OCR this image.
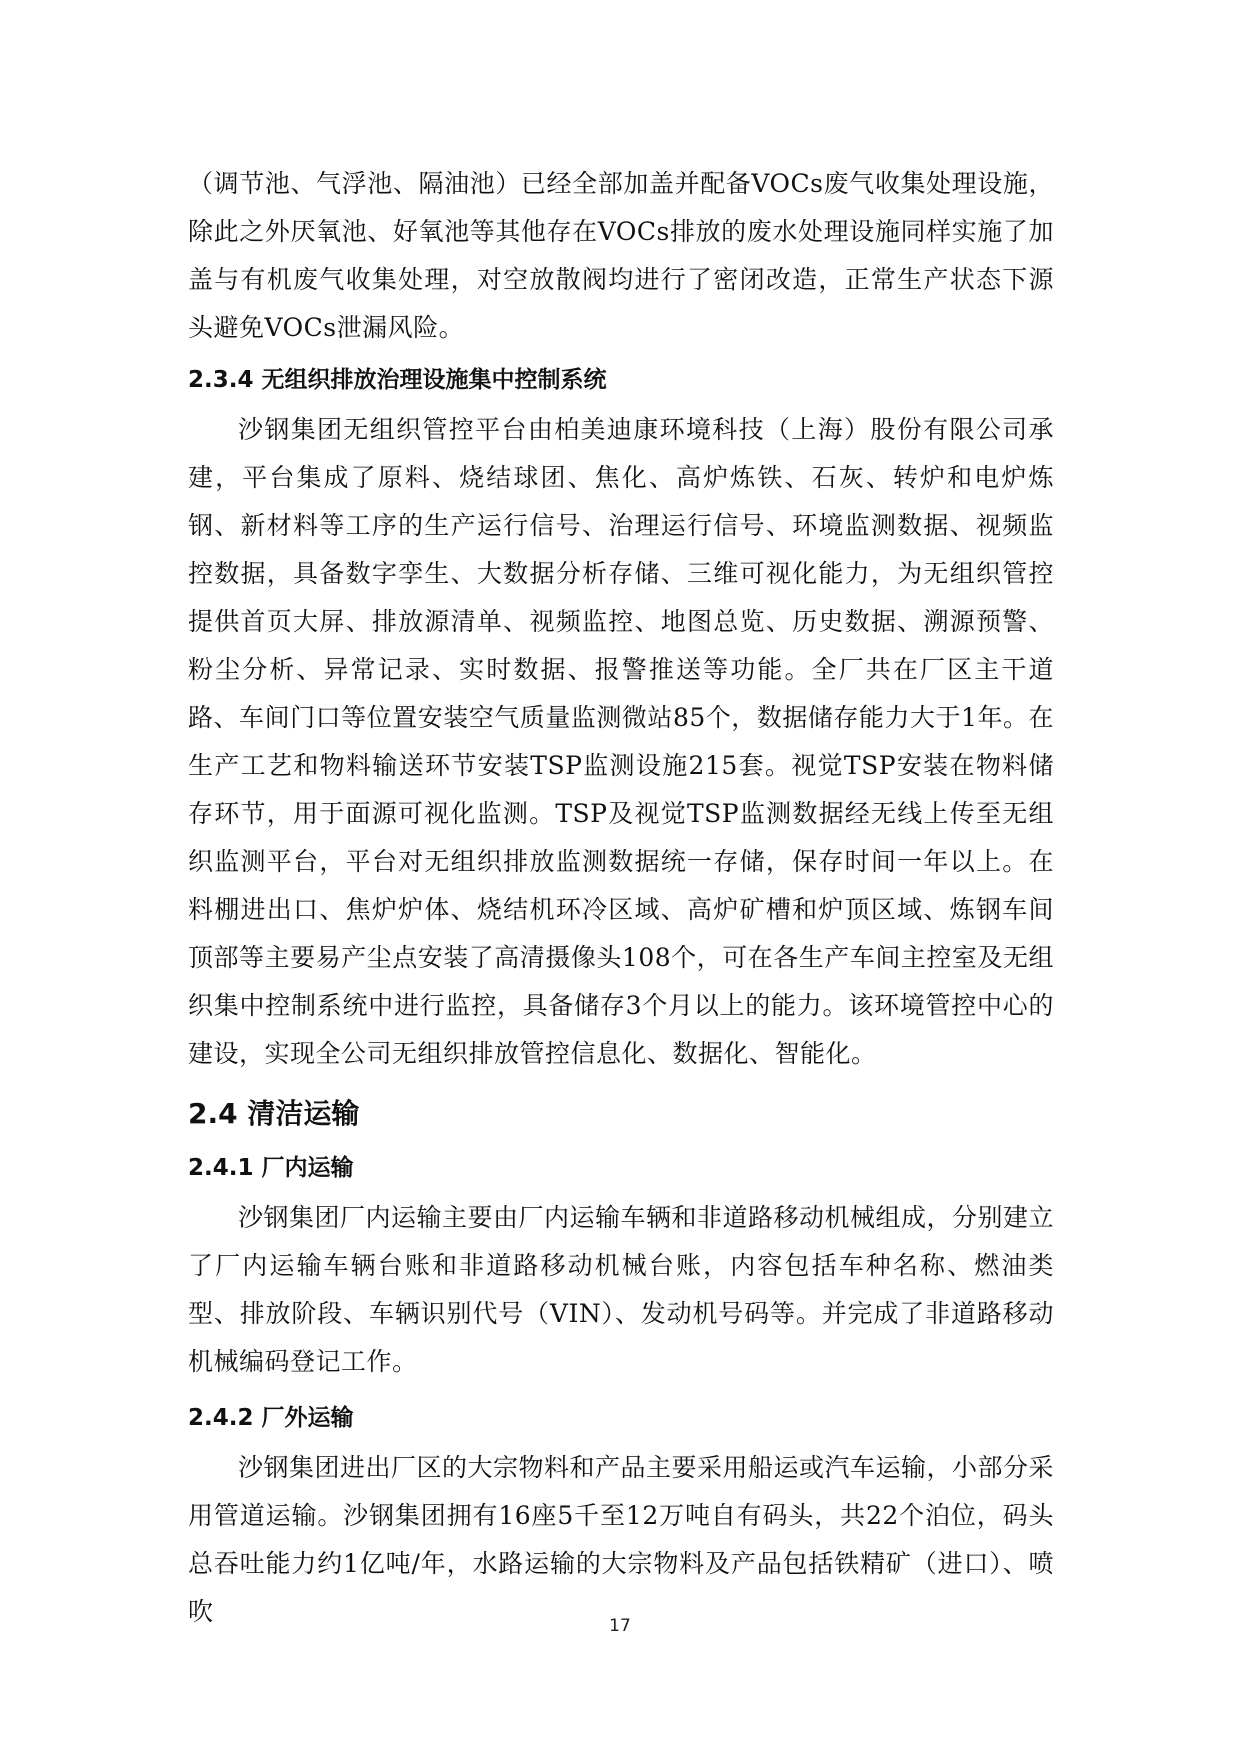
（调节池、气浮池、隔油池）已经全部加盖并配备VOCs废气收集处理设施，除此之外厌氧池、好氧池等其他存在VOCs排放的废水处理设施同样实施了加盖与有机废气收集处理，对空放散阀均进行了密闭改造，正常生产状态下源头避免VOCs泄漏风险。

2.3.4 无组织排放治理设施集中控制系统

沙钢集团无组织管控平台由柏美迪康环境科技（上海）股份有限公司承建，平台集成了原料、烧结球团、焦化、高炉炼铁、石灰、转炉和电炉炼钢、新材料等工序的生产运行信号、治理运行信号、环境监测数据、视频监控数据，具备数字孪生、大数据分析存储、三维可视化能力，为无组织管控提供首页大屏、排放源清单、视频监控、地图总览、历史数据、溯源预警、粉尘分析、异常记录、实时数据、报警推送等功能。全厂共在厂区主干道路、车间门口等位置安装空气质量监测微站85个，数据储存能力大于1年。在生产工艺和物料输送环节安装TSP监测设施215套。视觉TSP安装在物料储存环节，用于面源可视化监测。TSP及视觉TSP监测数据经无线上传至无组织监测平台，平台对无组织排放监测数据统一存储，保存时间一年以上。在料棚进出口、焦炉炉体、烧结机环冷区域、高炉矿槽和炉顶区域、炼钢车间顶部等主要易产尘点安装了高清摄像头108个，可在各生产车间主控室及无组织集中控制系统中进行监控，具备储存3个月以上的能力。该环境管控中心的建设，实现全公司无组织排放管控信息化、数据化、智能化。

2.4 清洁运输
2.4.1 厂内运输

沙钢集团厂内运输主要由厂内运输车辆和非道路移动机械组成，分别建立了厂内运输车辆台账和非道路移动机械台账，内容包括车种名称、燃油类型、排放阶段、车辆识别代号（VIN）、发动机号码等。并完成了非道路移动机械编码登记工作。

2.4.2 厂外运输

沙钢集团进出厂区的大宗物料和产品主要采用船运或汽车运输，小部分采用管道运输。沙钢集团拥有16座5千至12万吨自有码头，共22个泊位，码头总吞吐能力约1亿吨/年，水路运输的大宗物料及产品包括铁精矿（进口）、喷吹	17
